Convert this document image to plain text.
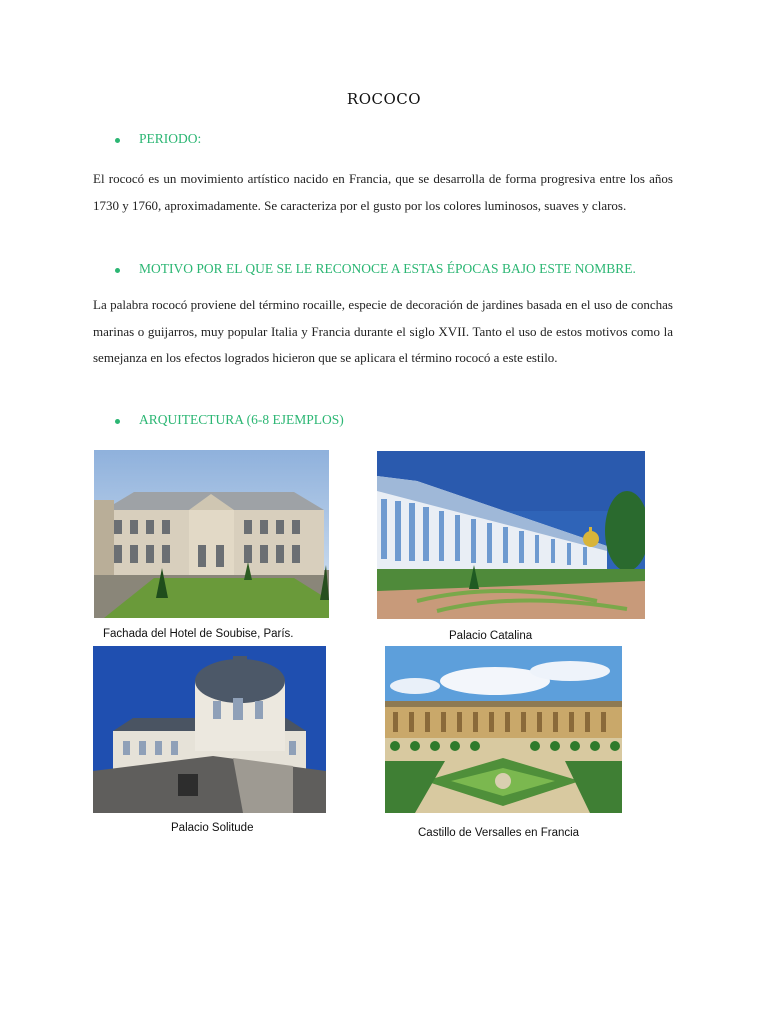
ROCOCO
PERIODO:
El rococó es un movimiento artístico nacido en Francia, que se desarrolla de forma progresiva entre los años 1730 y 1760, aproximadamente. Se caracteriza por el gusto por los colores luminosos, suaves y claros.
MOTIVO POR EL QUE SE LE RECONOCE A ESTAS ÉPOCAS BAJO ESTE NOMBRE.
La palabra rococó proviene del término rocaille, especie de decoración de jardines basada en el uso de conchas marinas o guijarros, muy popular Italia y Francia durante el siglo XVII. Tanto el uso de estos motivos como la semejanza en los efectos logrados hicieron que se aplicara el término rococó a este estilo.
ARQUITECTURA (6-8 EJEMPLOS)
Fachada del Hotel de Soubise, París.	Palacio Catalina
Palacio Solitude	Castillo de Versalles en Francia
